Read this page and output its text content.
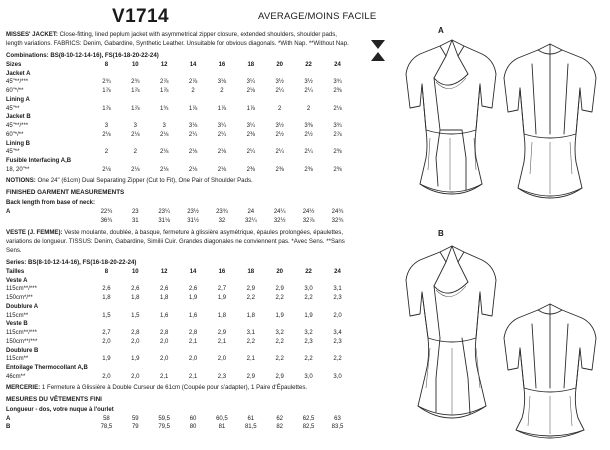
V1714	AVERAGE/MOINS FACILE
MISSES' JACKET: Close-fitting, lined peplum jacket with asymmetrical zipper closure, extended shoulders, shoulder pads, length variations. FABRICS: Denim, Gabardine, Synthetic Leather. Unsuitable for obvious diagonals. *With Nap. **Without Nap.
Combinations: BS(8-10-12-14-16), FS(16-18-20-22-24)
Sizes	8	10	12	14	16	18	20	22	24
Jacket A									
45"**/***	2¾	2¾	2⅞	2⅞	3⅛	3¼	3½	3½	3¾
60"*/**	1⅞	1⅞	1⅞	2	2	2⅛	2¼	2¼	2⅜
Lining A									
45"**	1⅞	1⅞	1¾	1⅞	1⅞	1⅞	2	2	2⅛
Jacket B									
45"**/***	3	3	3	3⅛	3¼	3¼	3½	3⅜	3¾
60"*/**	2⅛	2⅛	2⅛	2¼	2¼	2⅜	2½	2½	2⅞
Lining B									
45"**	2	2	2⅛	2⅛	2⅛	2¼	2¼	2¼	2⅜
Fusible Interfacing A,B									
18, 20"**	2⅛	2⅛	2⅛	2⅛	2⅛	2⅜	2⅜	2⅜	2⅜
NOTIONS: One 24" (61cm) Dual Separating Zipper (Cut to Fit), One Pair of Shoulder Pads.
FINISHED GARMENT MEASUREMENTS
Back length from base of neck:
A	22¾	23	23¼	23½	23¾	24	24¼	24½	24¾
	36¾	31	31⅛	31½	32	32¼	32½	32⅞	32¾
VESTE (J. FEMME): Veste moulante, doublée, à basque, fermeture à glissière asymétrique, épaules prolongées, épaulettes, variations de longueur. TISSUS: Denim, Gabardine, Similii Cuir. Grandes diagonales ne conviennent pas. *Avec Sens. **Sans Sens.
Series: BS(8-10-12-14-16), FS(16-18-20-22-24)
Tailles	8	10	12	14	16	18	20	22	24
Veste A									
115cm**/***	2,6	2,6	2,6	2,6	2,7	2,9	2,9	3,0	3,1
150cm*/**	1,8	1,8	1,8	1,9	1,9	2,2	2,2	2,2	2,3
Doublure A									
115cm**	1,5	1,5	1,6	1,6	1,8	1,8	1,9	1,9	2,0
Veste B									
115cm**/***	2,7	2,8	2,8	2,8	2,9	3,1	3,2	3,2	3,4
150cm**/***	2,0	2,0	2,0	2,1	2,1	2,2	2,2	2,3	2,3
Doublure B									
115cm**	1,9	1,9	2,0	2,0	2,0	2,1	2,2	2,2	2,2
Entoilage Thermocollant A,B									
46cm**	2,0	2,0	2,1	2,1	2,3	2,9	2,9	3,0	3,0
MERCERIE: 1 Fermeture à Glissière à Double Curseur de 61cm (Coupée pour s'adapter), 1 Paire d'Épaulettes.
MESURES DU VÊTEMENTS FINI
Longueur - dos, votre nuque à l'ourlet
A	58	59	59,5	60	60,5	61	62	62,5	63
B	78,5	79	79,5	80	81	81,5	82	82,5	83,5
A
B
